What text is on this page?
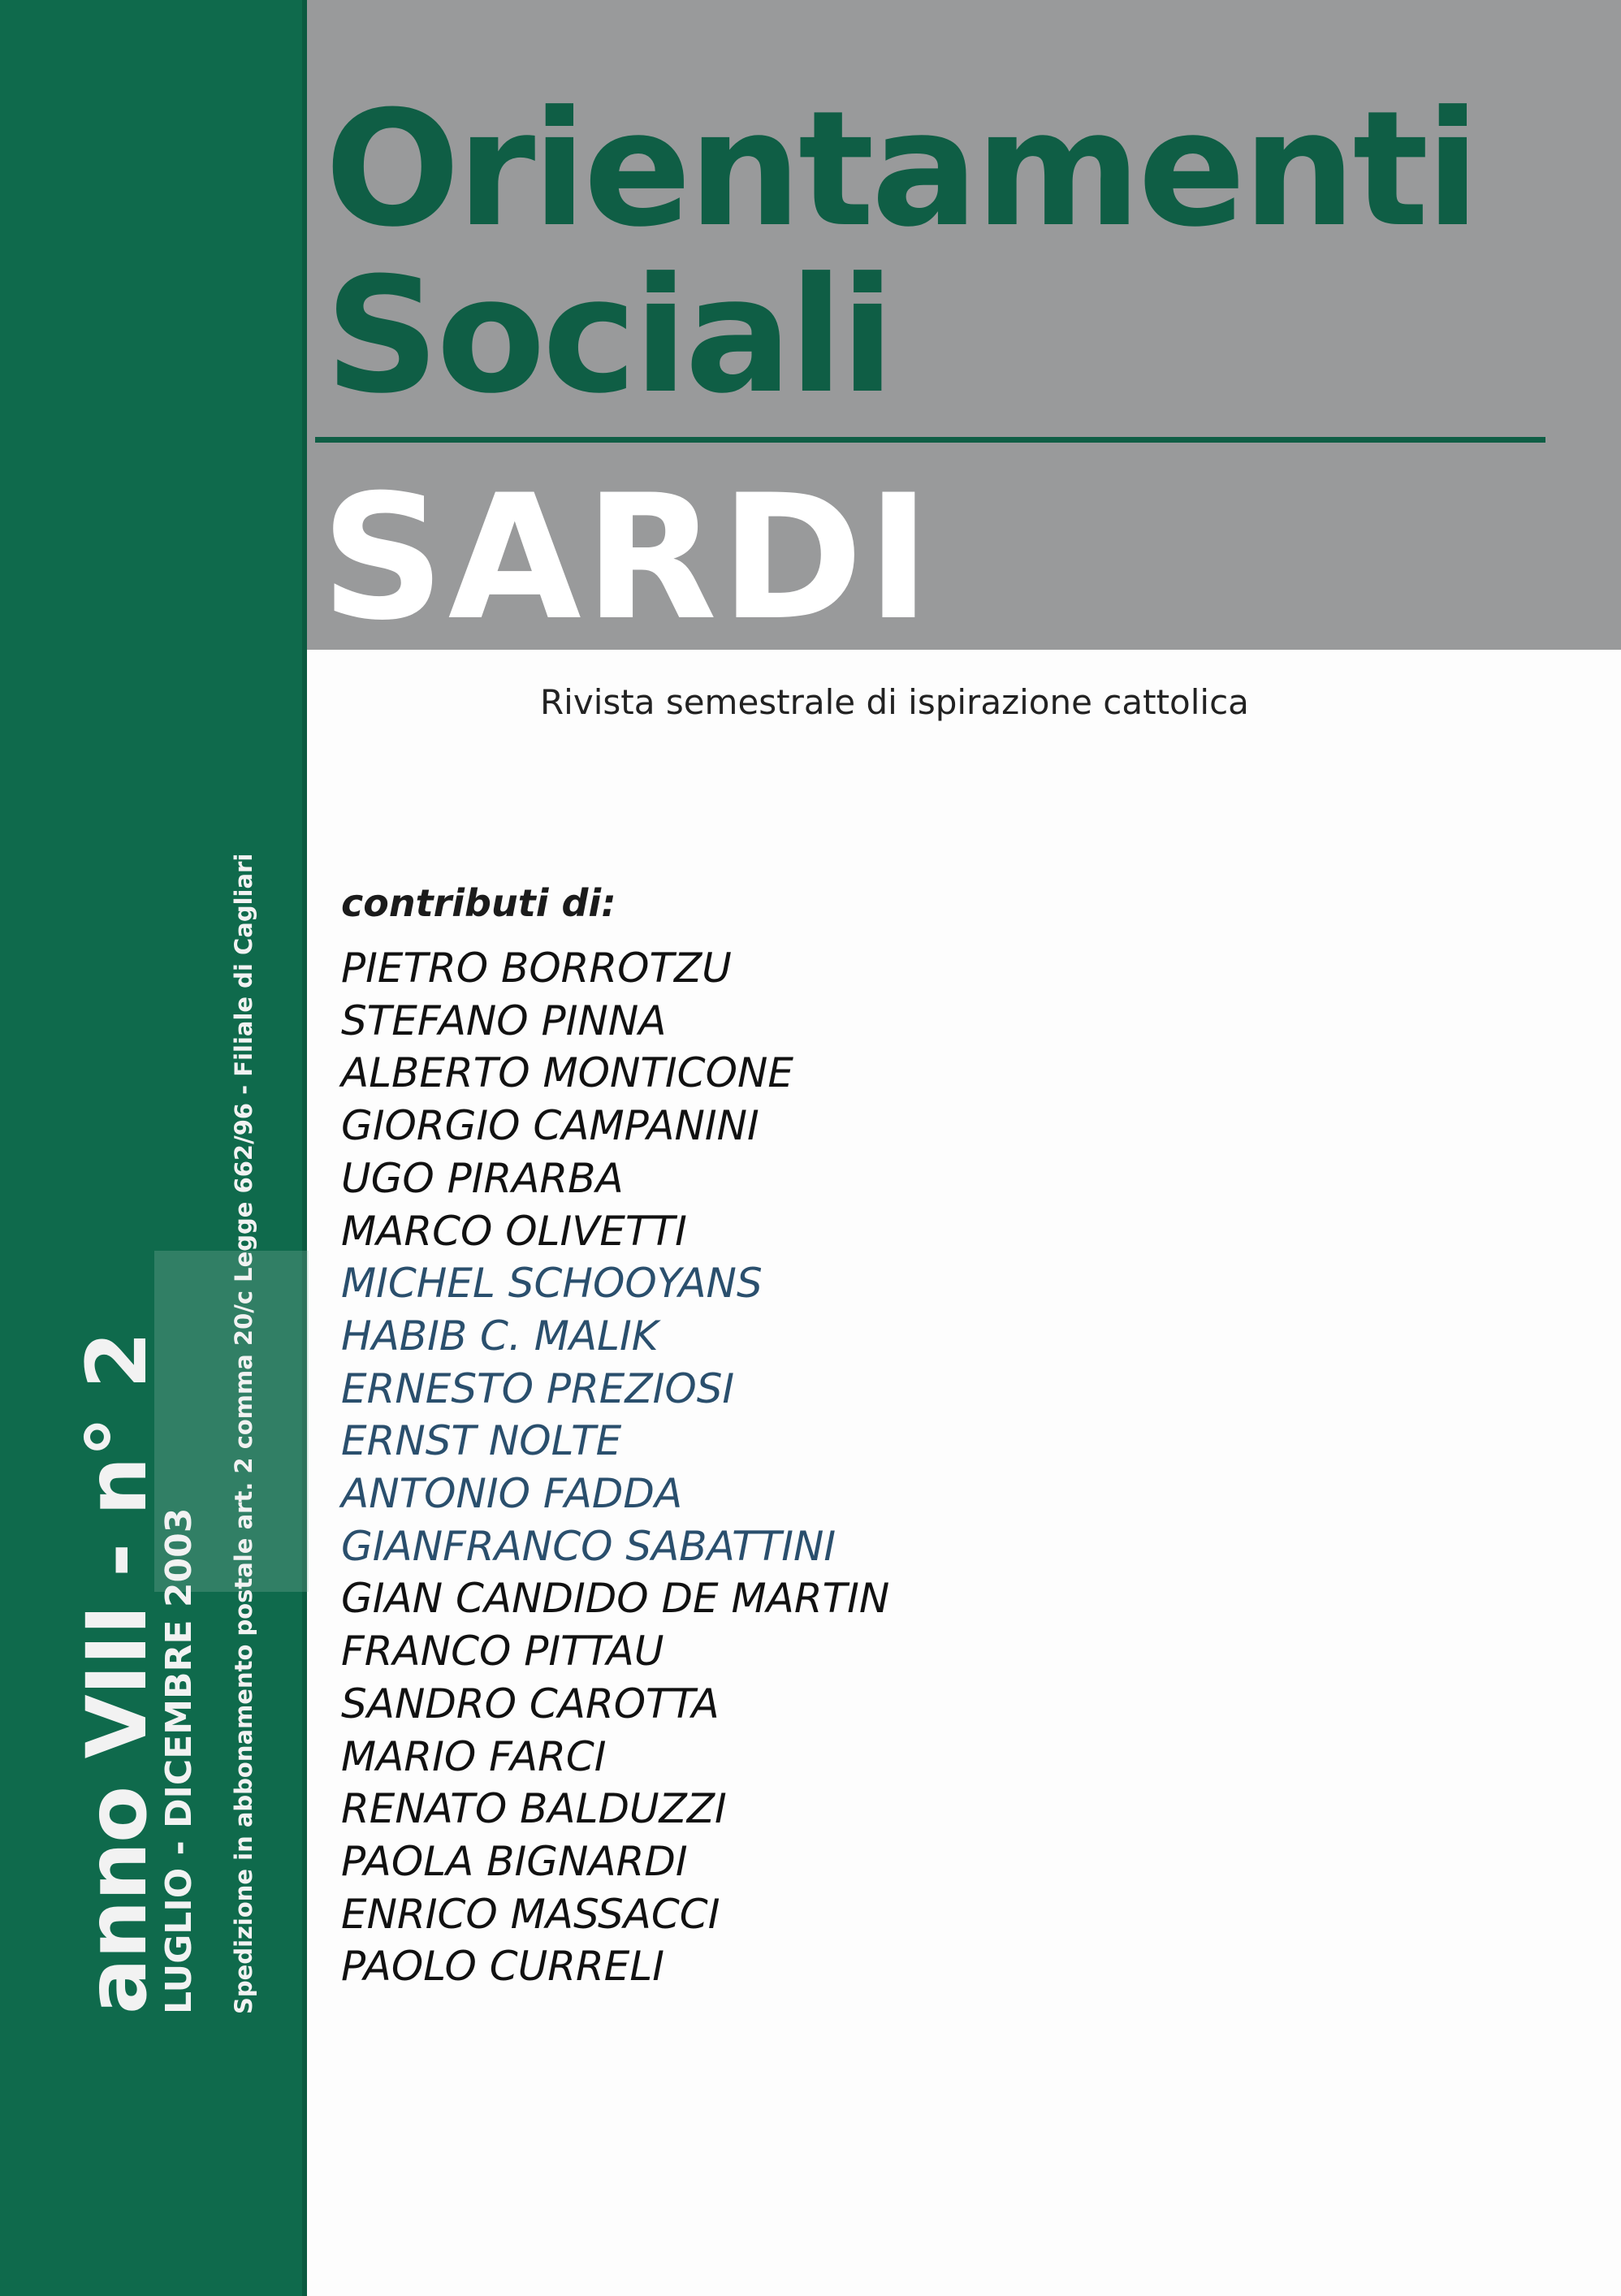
anno VIII - n° 2
LUGLIO - DICEMBRE 2003 Spedizione in abbonamento postale art. 2 comma 20/c Legge 662/96 - Filiale di Cagliari
Orientamenti
Sociali
SARDI
Rivista semestrale di ispirazione cattolica
contributi di:
PIETRO BORROTZU
STEFANO PINNA
ALBERTO MONTICONE
GIORGIO CAMPANINI
UGO PIRARBA
MARCO OLIVETTI
MICHEL SCHOOYANS
HABIB C. MALIK
ERNESTO PREZIOSI
ERNST NOLTE
ANTONIO FADDA
GIANFRANCO SABATTINI
GIAN CANDIDO DE MARTIN
FRANCO PITTAU
SANDRO CAROTTA
MARIO FARCI
RENATO BALDUZZI
PAOLA BIGNARDI
ENRICO MASSACCI
PAOLO CURRELI
